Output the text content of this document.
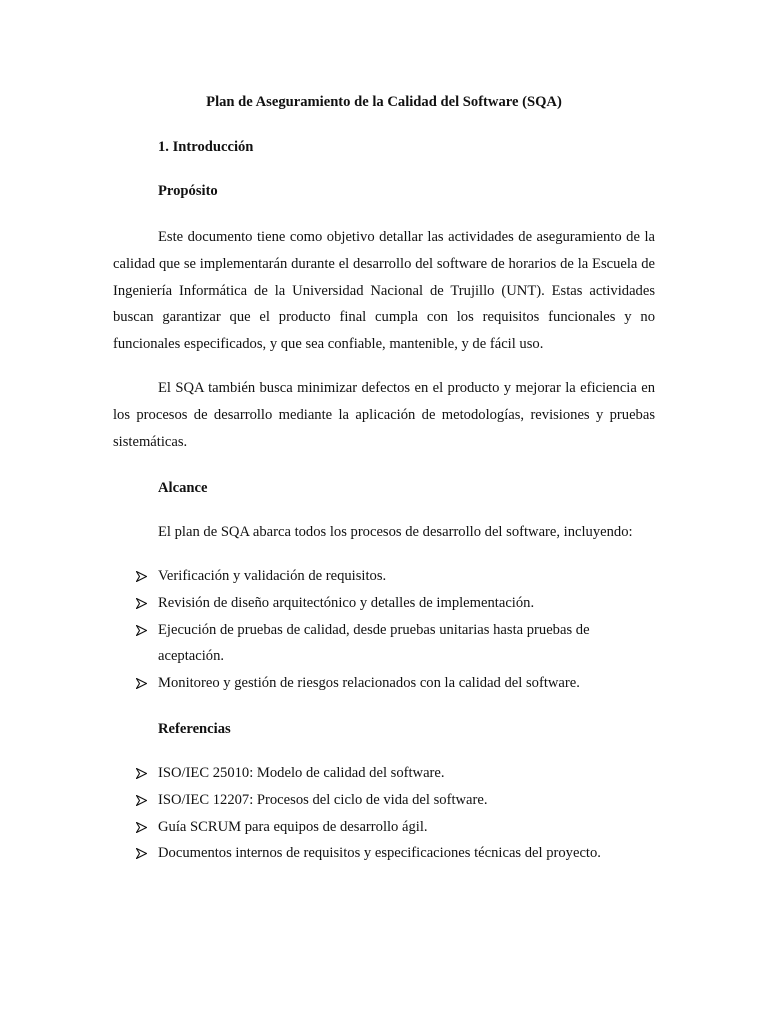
Plan de Aseguramiento de la Calidad del Software (SQA)
1. Introducción
Propósito

Este documento tiene como objetivo detallar las actividades de aseguramiento de la calidad que se implementarán durante el desarrollo del software de horarios de la Escuela de Ingeniería Informática de la Universidad Nacional de Trujillo (UNT). Estas actividades buscan garantizar que el producto final cumpla con los requisitos funcionales y no funcionales especificados, y que sea confiable, mantenible, y de fácil uso.

El SQA también busca minimizar defectos en el producto y mejorar la eficiencia en los procesos de desarrollo mediante la aplicación de metodologías, revisiones y pruebas sistemáticas.

Alcance
El plan de SQA abarca todos los procesos de desarrollo del software, incluyendo:
Verificación y validación de requisitos.
Revisión de diseño arquitectónico y detalles de implementación.
Ejecución de pruebas de calidad, desde pruebas unitarias hasta pruebas de aceptación.
Monitoreo y gestión de riesgos relacionados con la calidad del software.
Referencias
ISO/IEC 25010: Modelo de calidad del software.
ISO/IEC 12207: Procesos del ciclo de vida del software.
Guía SCRUM para equipos de desarrollo ágil.
Documentos internos de requisitos y especificaciones técnicas del proyecto.
